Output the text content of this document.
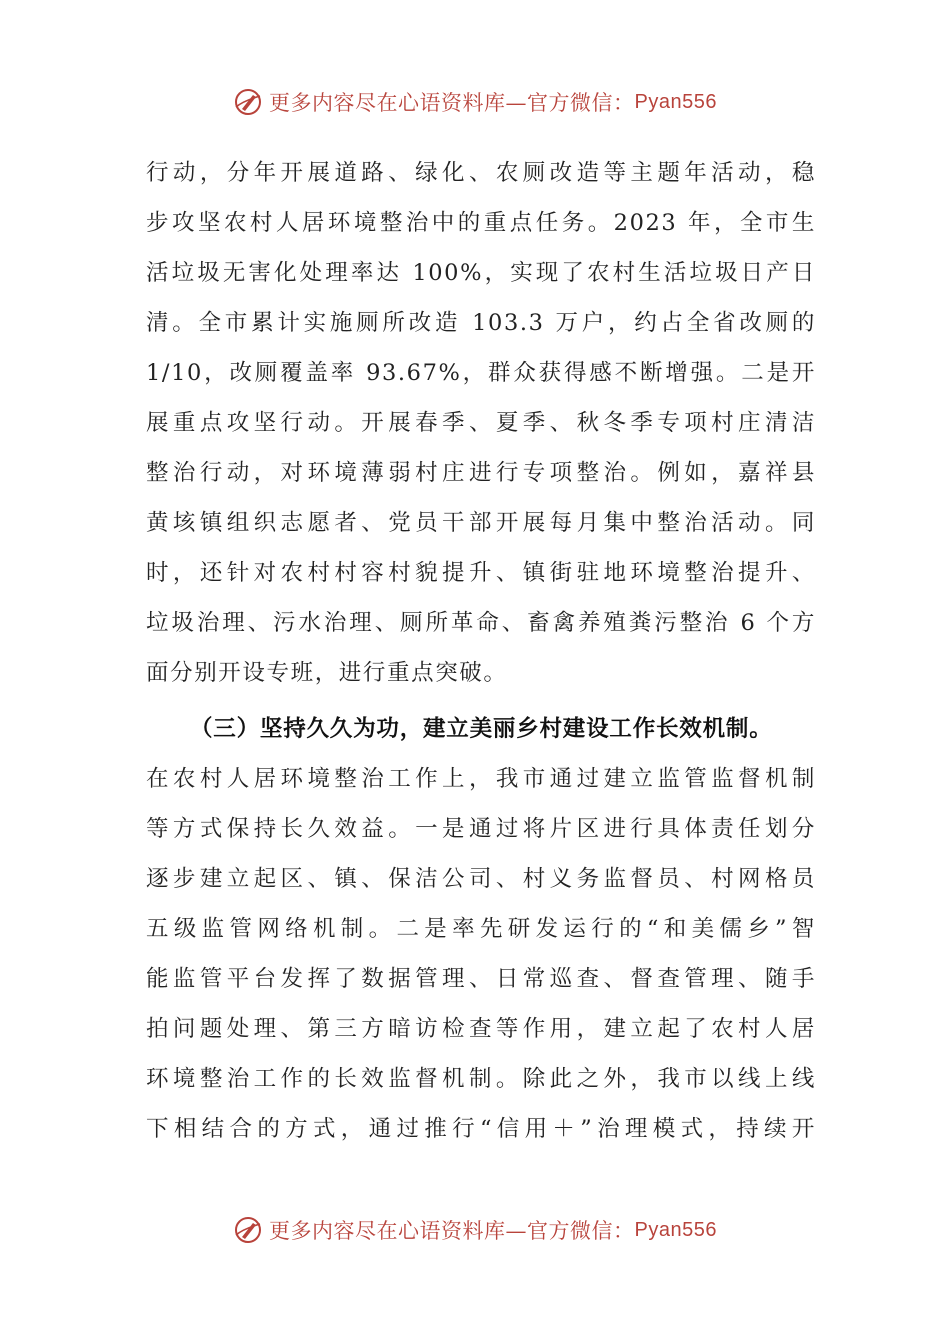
更多内容尽在心语资料库—官方微信： Pyan556
行动，分年开展道路、绿化、农厕改造等主题年活动，稳
步攻坚农村人居环境整治中的重点任务。2023 年，全市生
活垃圾无害化处理率达 100%，实现了农村生活垃圾日产日
清。全市累计实施厕所改造 103.3 万户，约占全省改厕的
1/10，改厕覆盖率 93.67%，群众获得感不断增强。二是开
展重点攻坚行动。开展春季、夏季、秋冬季专项村庄清洁
整治行动，对环境薄弱村庄进行专项整治。例如，嘉祥县
黄垓镇组织志愿者、党员干部开展每月集中整治活动。同
时，还针对农村村容村貌提升、镇街驻地环境整治提升、
垃圾治理、污水治理、厕所革命、畜禽养殖粪污整治 6 个方
面分别开设专班，进行重点突破。
（三）坚持久久为功，建立美丽乡村建设工作长效机制。
在农村人居环境整治工作上，我市通过建立监管监督机制
等方式保持长久效益。一是通过将片区进行具体责任划分
逐步建立起区、镇、保洁公司、村义务监督员、村网格员
五级监管网络机制。二是率先研发运行的“和美儒乡”智
能监管平台发挥了数据管理、日常巡查、督查管理、随手
拍问题处理、第三方暗访检查等作用，建立起了农村人居
环境整治工作的长效监督机制。除此之外，我市以线上线
下相结合的方式，通过推行“信用＋”治理模式，持续开
更多内容尽在心语资料库—官方微信： Pyan556
